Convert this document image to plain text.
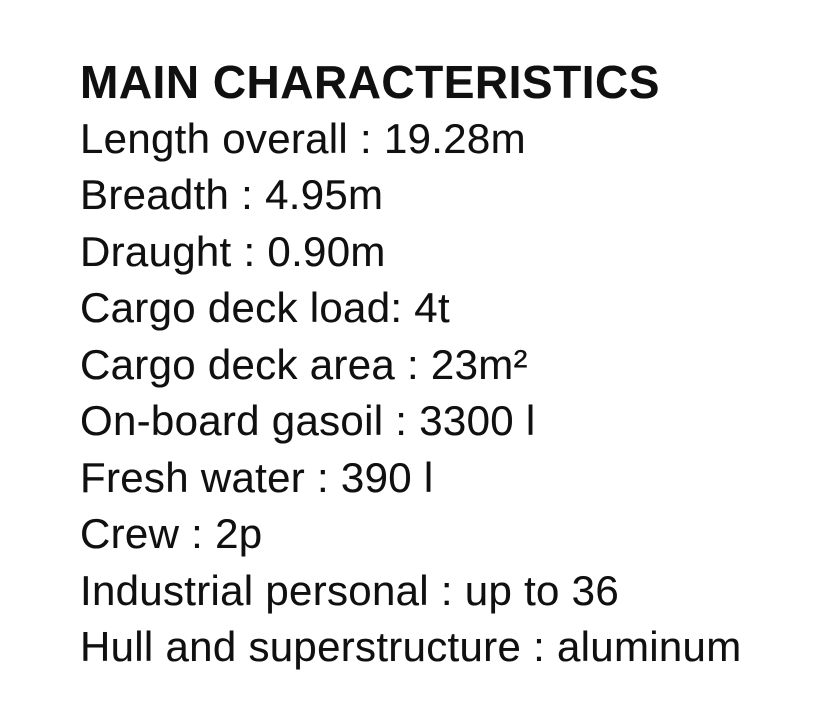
MAIN CHARACTERISTICS
Length overall : 19.28m
Breadth : 4.95m
Draught : 0.90m
Cargo deck load: 4t
Cargo deck area : 23m²
On-board gasoil : 3300 l
Fresh water : 390 l
Crew : 2p
Industrial personal : up to 36
Hull and superstructure : aluminum
